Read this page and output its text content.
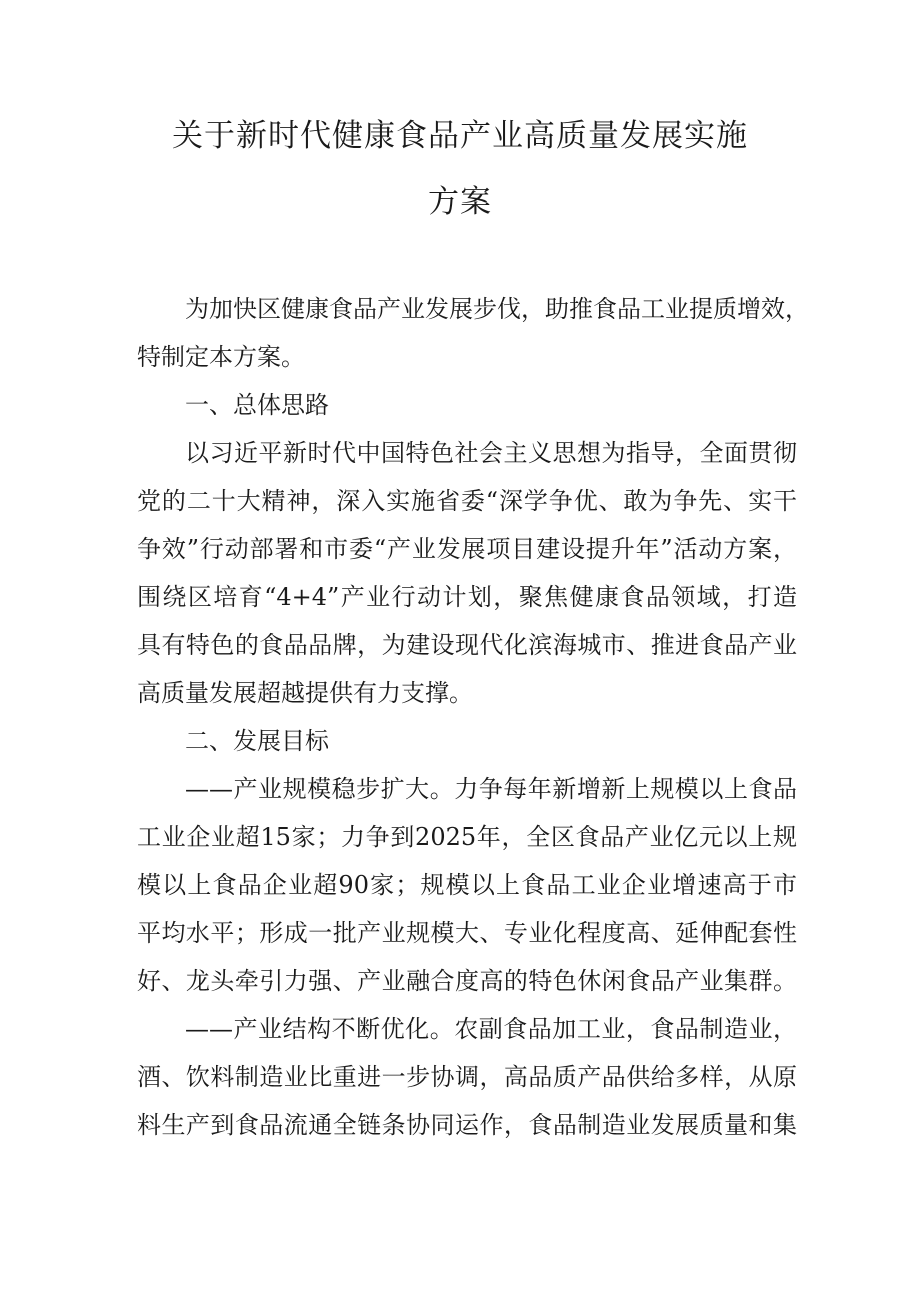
关于新时代健康食品产业高质量发展实施
方案
为加快区健康食品产业发展步伐，助推食品工业提质增效，
特制定本方案。
一、总体思路
以习近平新时代中国特色社会主义思想为指导，全面贯彻
党的二十大精神，深入实施省委“深学争优、敢为争先、实干
争效”行动部署和市委“产业发展项目建设提升年”活动方案，
围绕区培育“4+4”产业行动计划，聚焦健康食品领域，打造
具有特色的食品品牌，为建设现代化滨海城市、推进食品产业
高质量发展超越提供有力支撑。
二、发展目标
——产业规模稳步扩大。力争每年新增新上规模以上食品
工业企业超15家；力争到2025年，全区食品产业亿元以上规
模以上食品企业超90家；规模以上食品工业企业增速高于市
平均水平；形成一批产业规模大、专业化程度高、延伸配套性
好、龙头牵引力强、产业融合度高的特色休闲食品产业集群。
——产业结构不断优化。农副食品加工业，食品制造业，
酒、饮料制造业比重进一步协调，高品质产品供给多样，从原
料生产到食品流通全链条协同运作，食品制造业发展质量和集
